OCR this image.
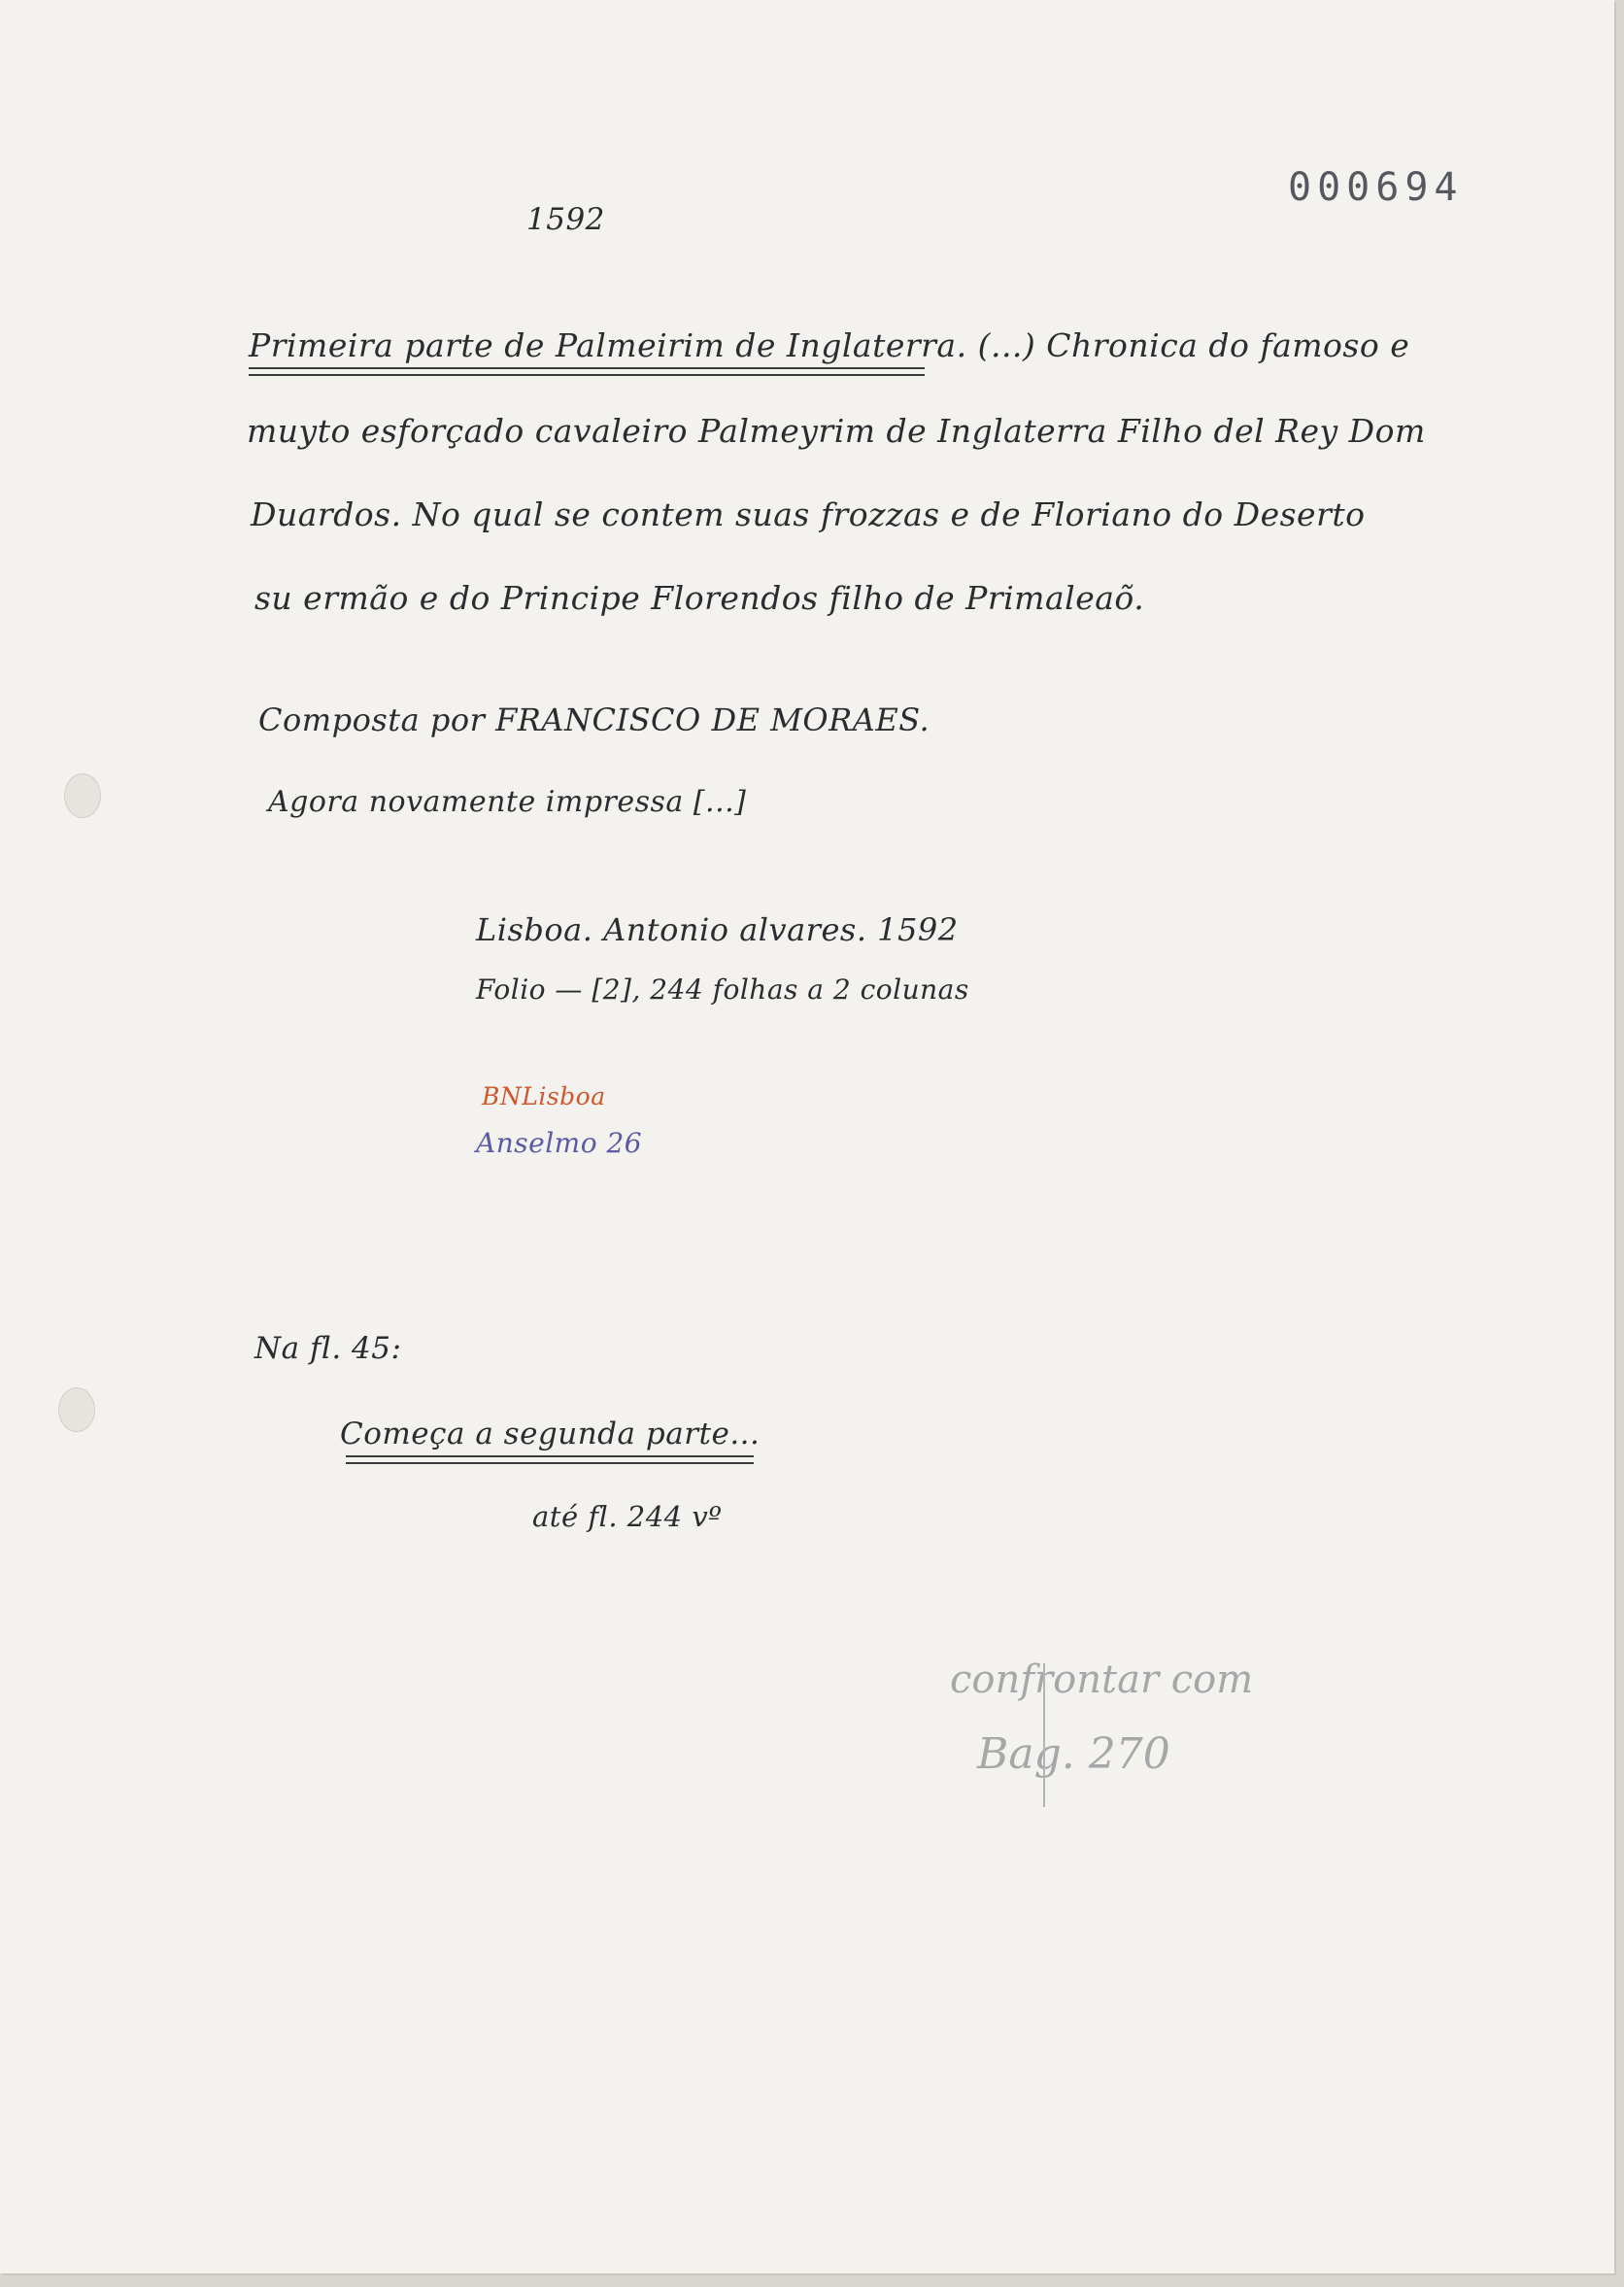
000694
1592
Primeira parte de Palmeirim de Inglaterra. (...) Chronica do famoso e
muyto esforçado cavaleiro Palmeyrim de Inglaterra Filho del Rey Dom
Duardos. No qual se contem suas frozzas e de Floriano do Deserto
su ermão e do Principe Florendos filho de Primaleaõ.
Composta por FRANCISCO DE MORAES.
Agora novamente impressa [...]
Lisboa. Antonio alvares. 1592
Folio — [2], 244 folhas a 2 colunas
BNLisboa
Anselmo 26
Na fl. 45:
Começa a segunda parte...
até fl. 244 vº
confrontar com
Bag. 270
